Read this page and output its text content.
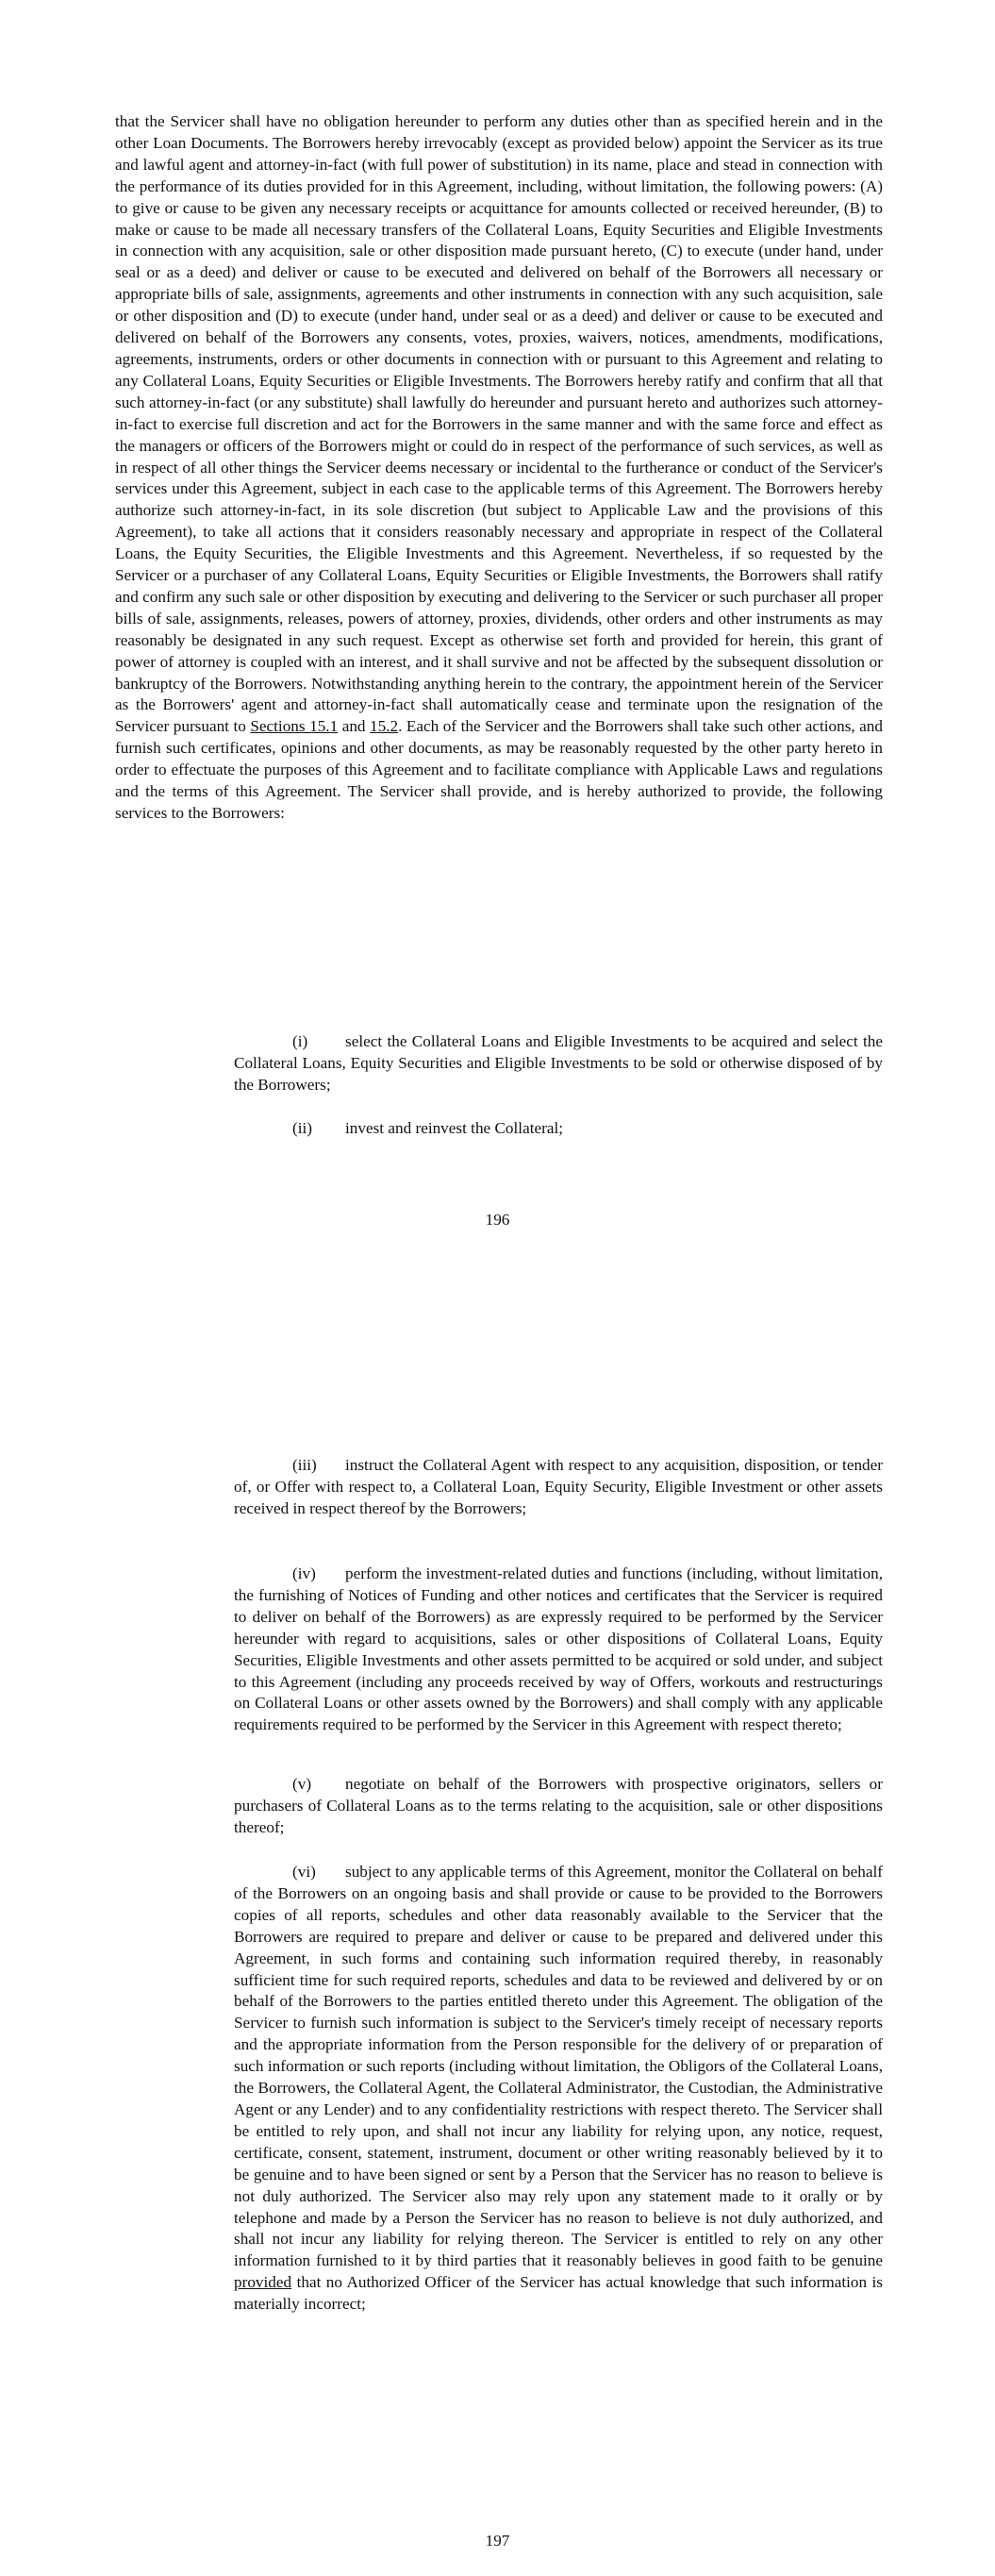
that the Servicer shall have no obligation hereunder to perform any duties other than as specified herein and in the other Loan Documents. The Borrowers hereby irrevocably (except as provided below) appoint the Servicer as its true and lawful agent and attorney-in-fact (with full power of substitution) in its name, place and stead in connection with the performance of its duties provided for in this Agreement, including, without limitation, the following powers: (A) to give or cause to be given any necessary receipts or acquittance for amounts collected or received hereunder, (B) to make or cause to be made all necessary transfers of the Collateral Loans, Equity Securities and Eligible Investments in connection with any acquisition, sale or other disposition made pursuant hereto, (C) to execute (under hand, under seal or as a deed) and deliver or cause to be executed and delivered on behalf of the Borrowers all necessary or appropriate bills of sale, assignments, agreements and other instruments in connection with any such acquisition, sale or other disposition and (D) to execute (under hand, under seal or as a deed) and deliver or cause to be executed and delivered on behalf of the Borrowers any consents, votes, proxies, waivers, notices, amendments, modifications, agreements, instruments, orders or other documents in connection with or pursuant to this Agreement and relating to any Collateral Loans, Equity Securities or Eligible Investments. The Borrowers hereby ratify and confirm that all that such attorney-in-fact (or any substitute) shall lawfully do hereunder and pursuant hereto and authorizes such attorney-in-fact to exercise full discretion and act for the Borrowers in the same manner and with the same force and effect as the managers or officers of the Borrowers might or could do in respect of the performance of such services, as well as in respect of all other things the Servicer deems necessary or incidental to the furtherance or conduct of the Servicer's services under this Agreement, subject in each case to the applicable terms of this Agreement. The Borrowers hereby authorize such attorney-in-fact, in its sole discretion (but subject to Applicable Law and the provisions of this Agreement), to take all actions that it considers reasonably necessary and appropriate in respect of the Collateral Loans, the Equity Securities, the Eligible Investments and this Agreement. Nevertheless, if so requested by the Servicer or a purchaser of any Collateral Loans, Equity Securities or Eligible Investments, the Borrowers shall ratify and confirm any such sale or other disposition by executing and delivering to the Servicer or such purchaser all proper bills of sale, assignments, releases, powers of attorney, proxies, dividends, other orders and other instruments as may reasonably be designated in any such request. Except as otherwise set forth and provided for herein, this grant of power of attorney is coupled with an interest, and it shall survive and not be affected by the subsequent dissolution or bankruptcy of the Borrowers. Notwithstanding anything herein to the contrary, the appointment herein of the Servicer as the Borrowers' agent and attorney-in-fact shall automatically cease and terminate upon the resignation of the Servicer pursuant to Sections 15.1 and 15.2. Each of the Servicer and the Borrowers shall take such other actions, and furnish such certificates, opinions and other documents, as may be reasonably requested by the other party hereto in order to effectuate the purposes of this Agreement and to facilitate compliance with Applicable Laws and regulations and the terms of this Agreement. The Servicer shall provide, and is hereby authorized to provide, the following services to the Borrowers:

(i) select the Collateral Loans and Eligible Investments to be acquired and select the Collateral Loans, Equity Securities and Eligible Investments to be sold or otherwise disposed of by the Borrowers;

(ii) invest and reinvest the Collateral;

196

(iii) instruct the Collateral Agent with respect to any acquisition, disposition, or tender of, or Offer with respect to, a Collateral Loan, Equity Security, Eligible Investment or other assets received in respect thereof by the Borrowers;

(iv) perform the investment-related duties and functions (including, without limitation, the furnishing of Notices of Funding and other notices and certificates that the Servicer is required to deliver on behalf of the Borrowers) as are expressly required to be performed by the Servicer hereunder with regard to acquisitions, sales or other dispositions of Collateral Loans, Equity Securities, Eligible Investments and other assets permitted to be acquired or sold under, and subject to this Agreement (including any proceeds received by way of Offers, workouts and restructurings on Collateral Loans or other assets owned by the Borrowers) and shall comply with any applicable requirements required to be performed by the Servicer in this Agreement with respect thereto;

(v) negotiate on behalf of the Borrowers with prospective originators, sellers or purchasers of Collateral Loans as to the terms relating to the acquisition, sale or other dispositions thereof;

(vi) subject to any applicable terms of this Agreement, monitor the Collateral on behalf of the Borrowers on an ongoing basis and shall provide or cause to be provided to the Borrowers copies of all reports, schedules and other data reasonably available to the Servicer that the Borrowers are required to prepare and deliver or cause to be prepared and delivered under this Agreement, in such forms and containing such information required thereby, in reasonably sufficient time for such required reports, schedules and data to be reviewed and delivered by or on behalf of the Borrowers to the parties entitled thereto under this Agreement. The obligation of the Servicer to furnish such information is subject to the Servicer's timely receipt of necessary reports and the appropriate information from the Person responsible for the delivery of or preparation of such information or such reports (including without limitation, the Obligors of the Collateral Loans, the Borrowers, the Collateral Agent, the Collateral Administrator, the Custodian, the Administrative Agent or any Lender) and to any confidentiality restrictions with respect thereto. The Servicer shall be entitled to rely upon, and shall not incur any liability for relying upon, any notice, request, certificate, consent, statement, instrument, document or other writing reasonably believed by it to be genuine and to have been signed or sent by a Person that the Servicer has no reason to believe is not duly authorized. The Servicer also may rely upon any statement made to it orally or by telephone and made by a Person the Servicer has no reason to believe is not duly authorized, and shall not incur any liability for relying thereon. The Servicer is entitled to rely on any other information furnished to it by third parties that it reasonably believes in good faith to be genuine provided that no Authorized Officer of the Servicer has actual knowledge that such information is materially incorrect;

197
